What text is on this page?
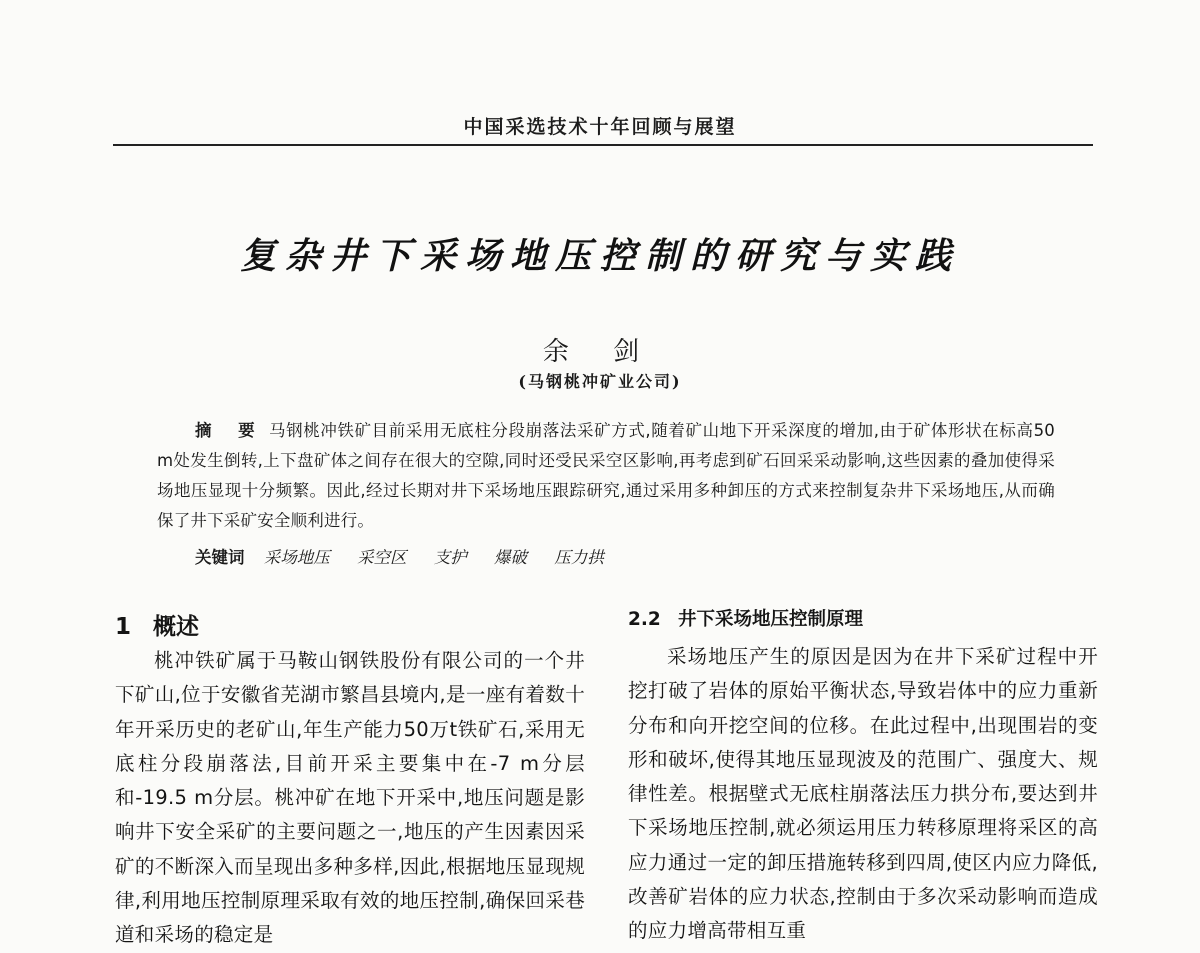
中国采选技术十年回顾与展望
复杂井下采场地压控制的研究与实践
余 剑
(马钢桃冲矿业公司)
摘 要 马钢桃冲铁矿目前采用无底柱分段崩落法采矿方式,随着矿山地下开采深度的增加,由于矿体形状在标高50 m处发生倒转,上下盘矿体之间存在很大的空隙,同时还受民采空区影响,再考虑到矿石回采采动影响,这些因素的叠加使得采场地压显现十分频繁。因此,经过长期对井下采场地压跟踪研究,通过采用多种卸压的方式来控制复杂井下采场地压,从而确保了井下采矿安全顺利进行。
关键词 采场地压 采空区 支护 爆破 压力拱
1 概述

桃冲铁矿属于马鞍山钢铁股份有限公司的一个井下矿山,位于安徽省芜湖市繁昌县境内,是一座有着数十年开采历史的老矿山,年生产能力50万t铁矿石,采用无底柱分段崩落法,目前开采主要集中在-7 m分层和-19.5 m分层。桃冲矿在地下开采中,地压问题是影响井下安全采矿的主要问题之一,地压的产生因素因采矿的不断深入而呈现出多种多样,因此,根据地压显现规律,利用地压控制原理采取有效的地压控制,确保回采巷道和采场的稳定是

2.2 井下采场地压控制原理

采场地压产生的原因是因为在井下采矿过程中开挖打破了岩体的原始平衡状态,导致岩体中的应力重新分布和向开挖空间的位移。在此过程中,出现围岩的变形和破坏,使得其地压显现波及的范围广、强度大、规律性差。根据壁式无底柱崩落法压力拱分布,要达到井下采场地压控制,就必须运用压力转移原理将采区的高应力通过一定的卸压措施转移到四周,使区内应力降低,改善矿岩体的应力状态,控制由于多次采动影响而造成的应力增高带相互重
